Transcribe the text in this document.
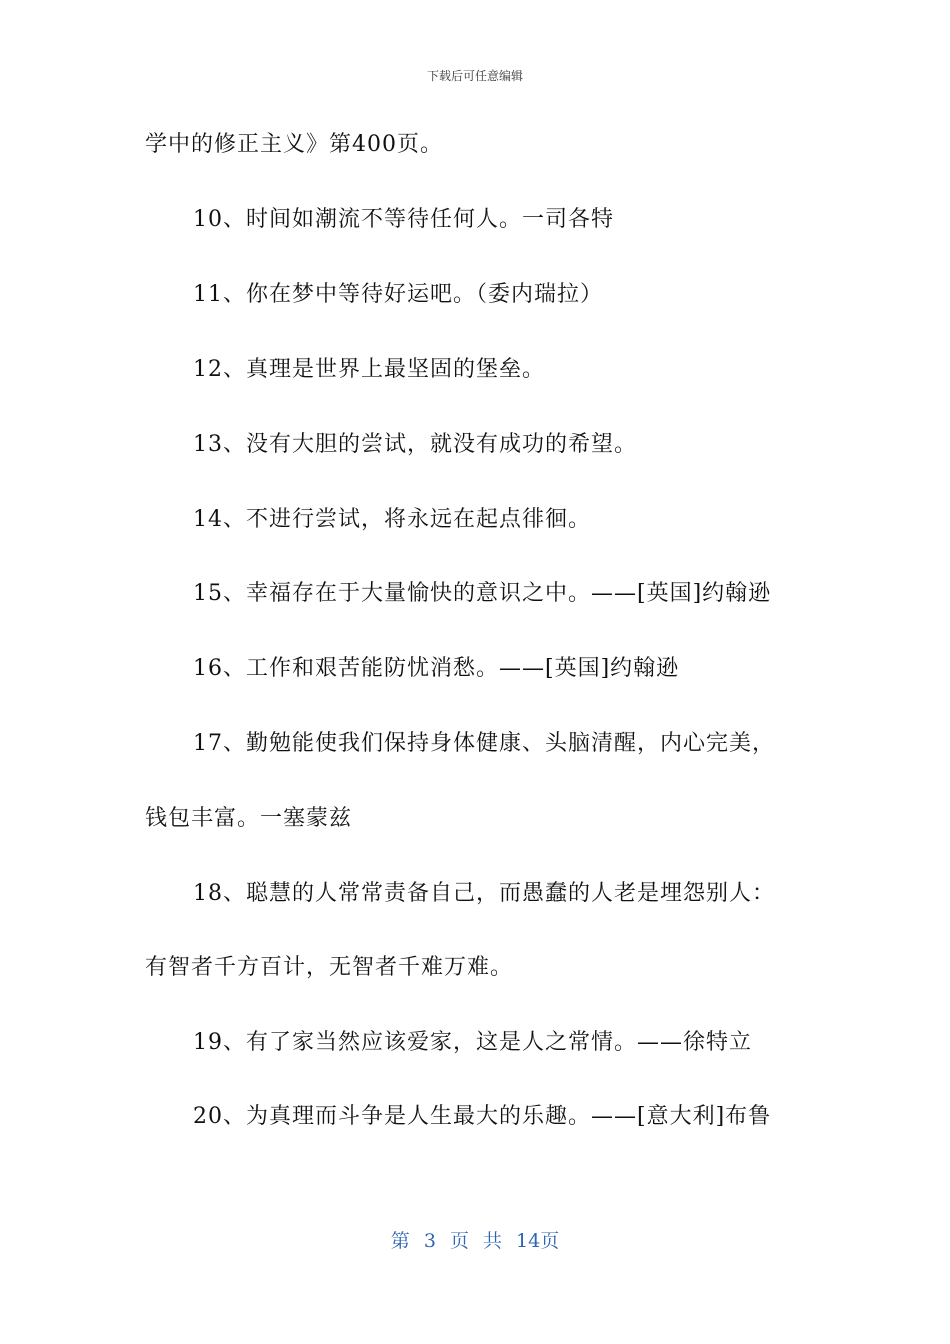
下载后可任意编辑
学中的修正主义》第400页。
10、时间如潮流不等待任何人。一司各特
11、你在梦中等待好运吧。（委内瑞拉）
12、真理是世界上最坚固的堡垒。
13、没有大胆的尝试，就没有成功的希望。
14、不进行尝试，将永远在起点徘徊。
15、幸福存在于大量愉快的意识之中。——[英国]约翰逊
16、工作和艰苦能防忧消愁。——[英国]约翰逊
17、勤勉能使我们保持身体健康、头脑清醒，内心完美，
钱包丰富。一塞蒙兹
18、聪慧的人常常责备自己，而愚蠢的人老是埋怨别人：
有智者千方百计，无智者千难万难。
19、有了家当然应该爱家，这是人之常情。——徐特立
20、为真理而斗争是人生最大的乐趣。——[意大利]布鲁
第 3 页 共 14页
